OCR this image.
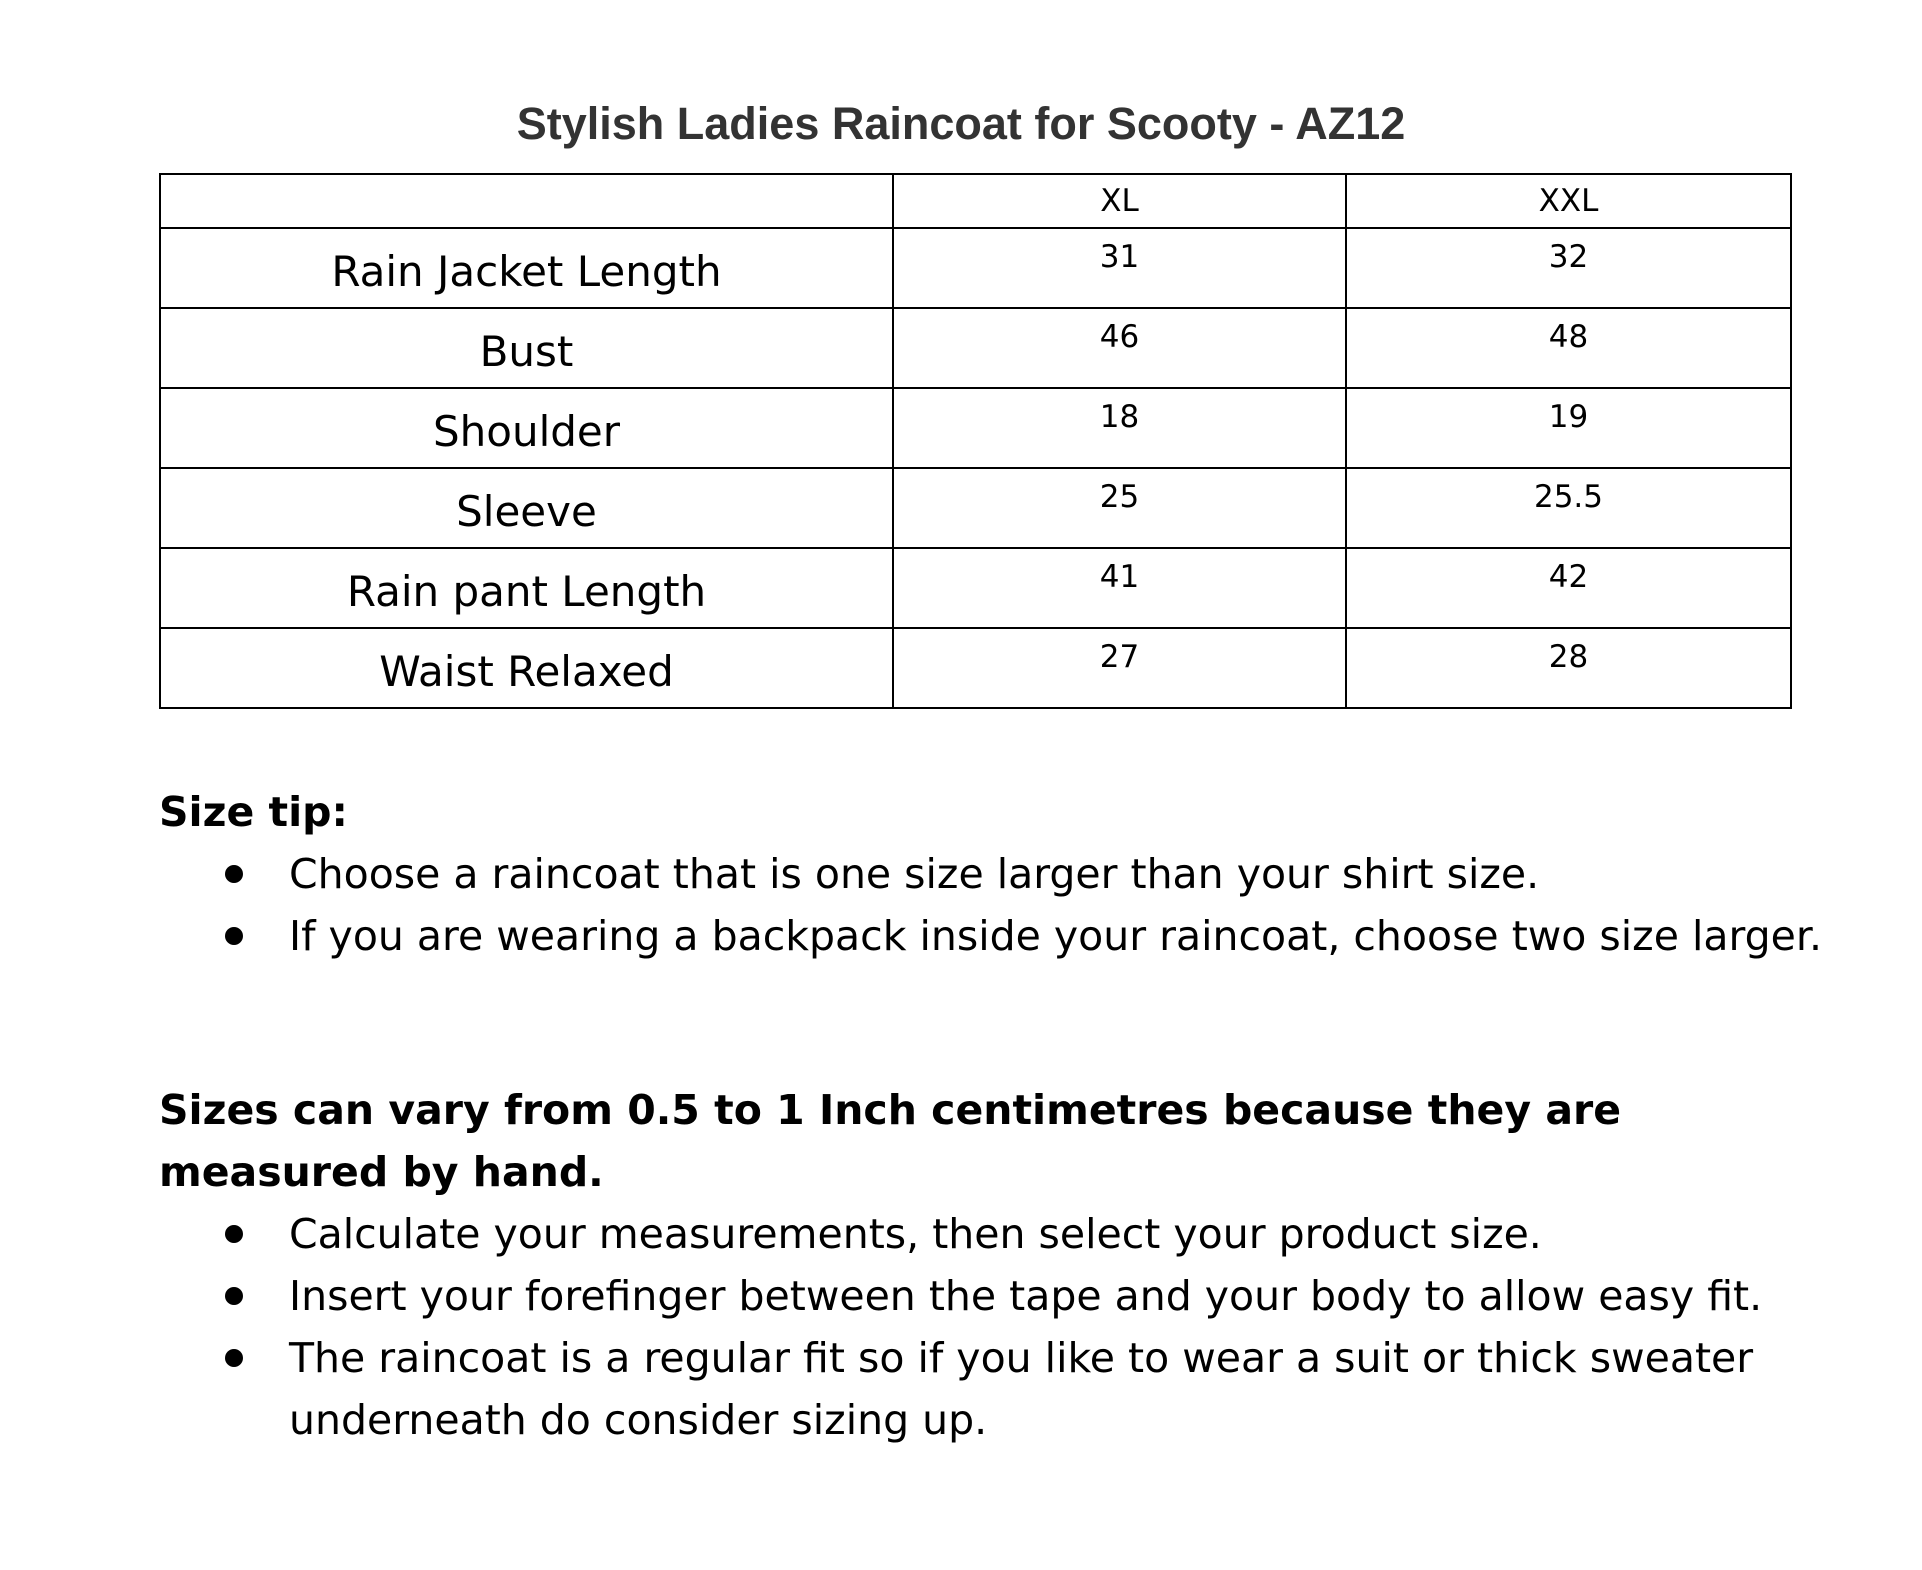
Stylish Ladies Raincoat for Scooty - AZ12
	XL	XXL
Rain Jacket Length	31	32
Bust	46	48
Shoulder	18	19
Sleeve	25	25.5
Rain pant Length	41	42
Waist Relaxed	27	28

Size tip:

Choose a raincoat that is one size larger than your shirt size.
If you are wearing a backpack inside your raincoat, choose two size larger.

Sizes can vary from 0.5 to 1 Inch centimetres because they are measured by hand.

Calculate your measurements, then select your product size.
Insert your forefinger between the tape and your body to allow easy fit.
The raincoat is a regular fit so if you like to wear a suit or thick sweater underneath do consider sizing up.
